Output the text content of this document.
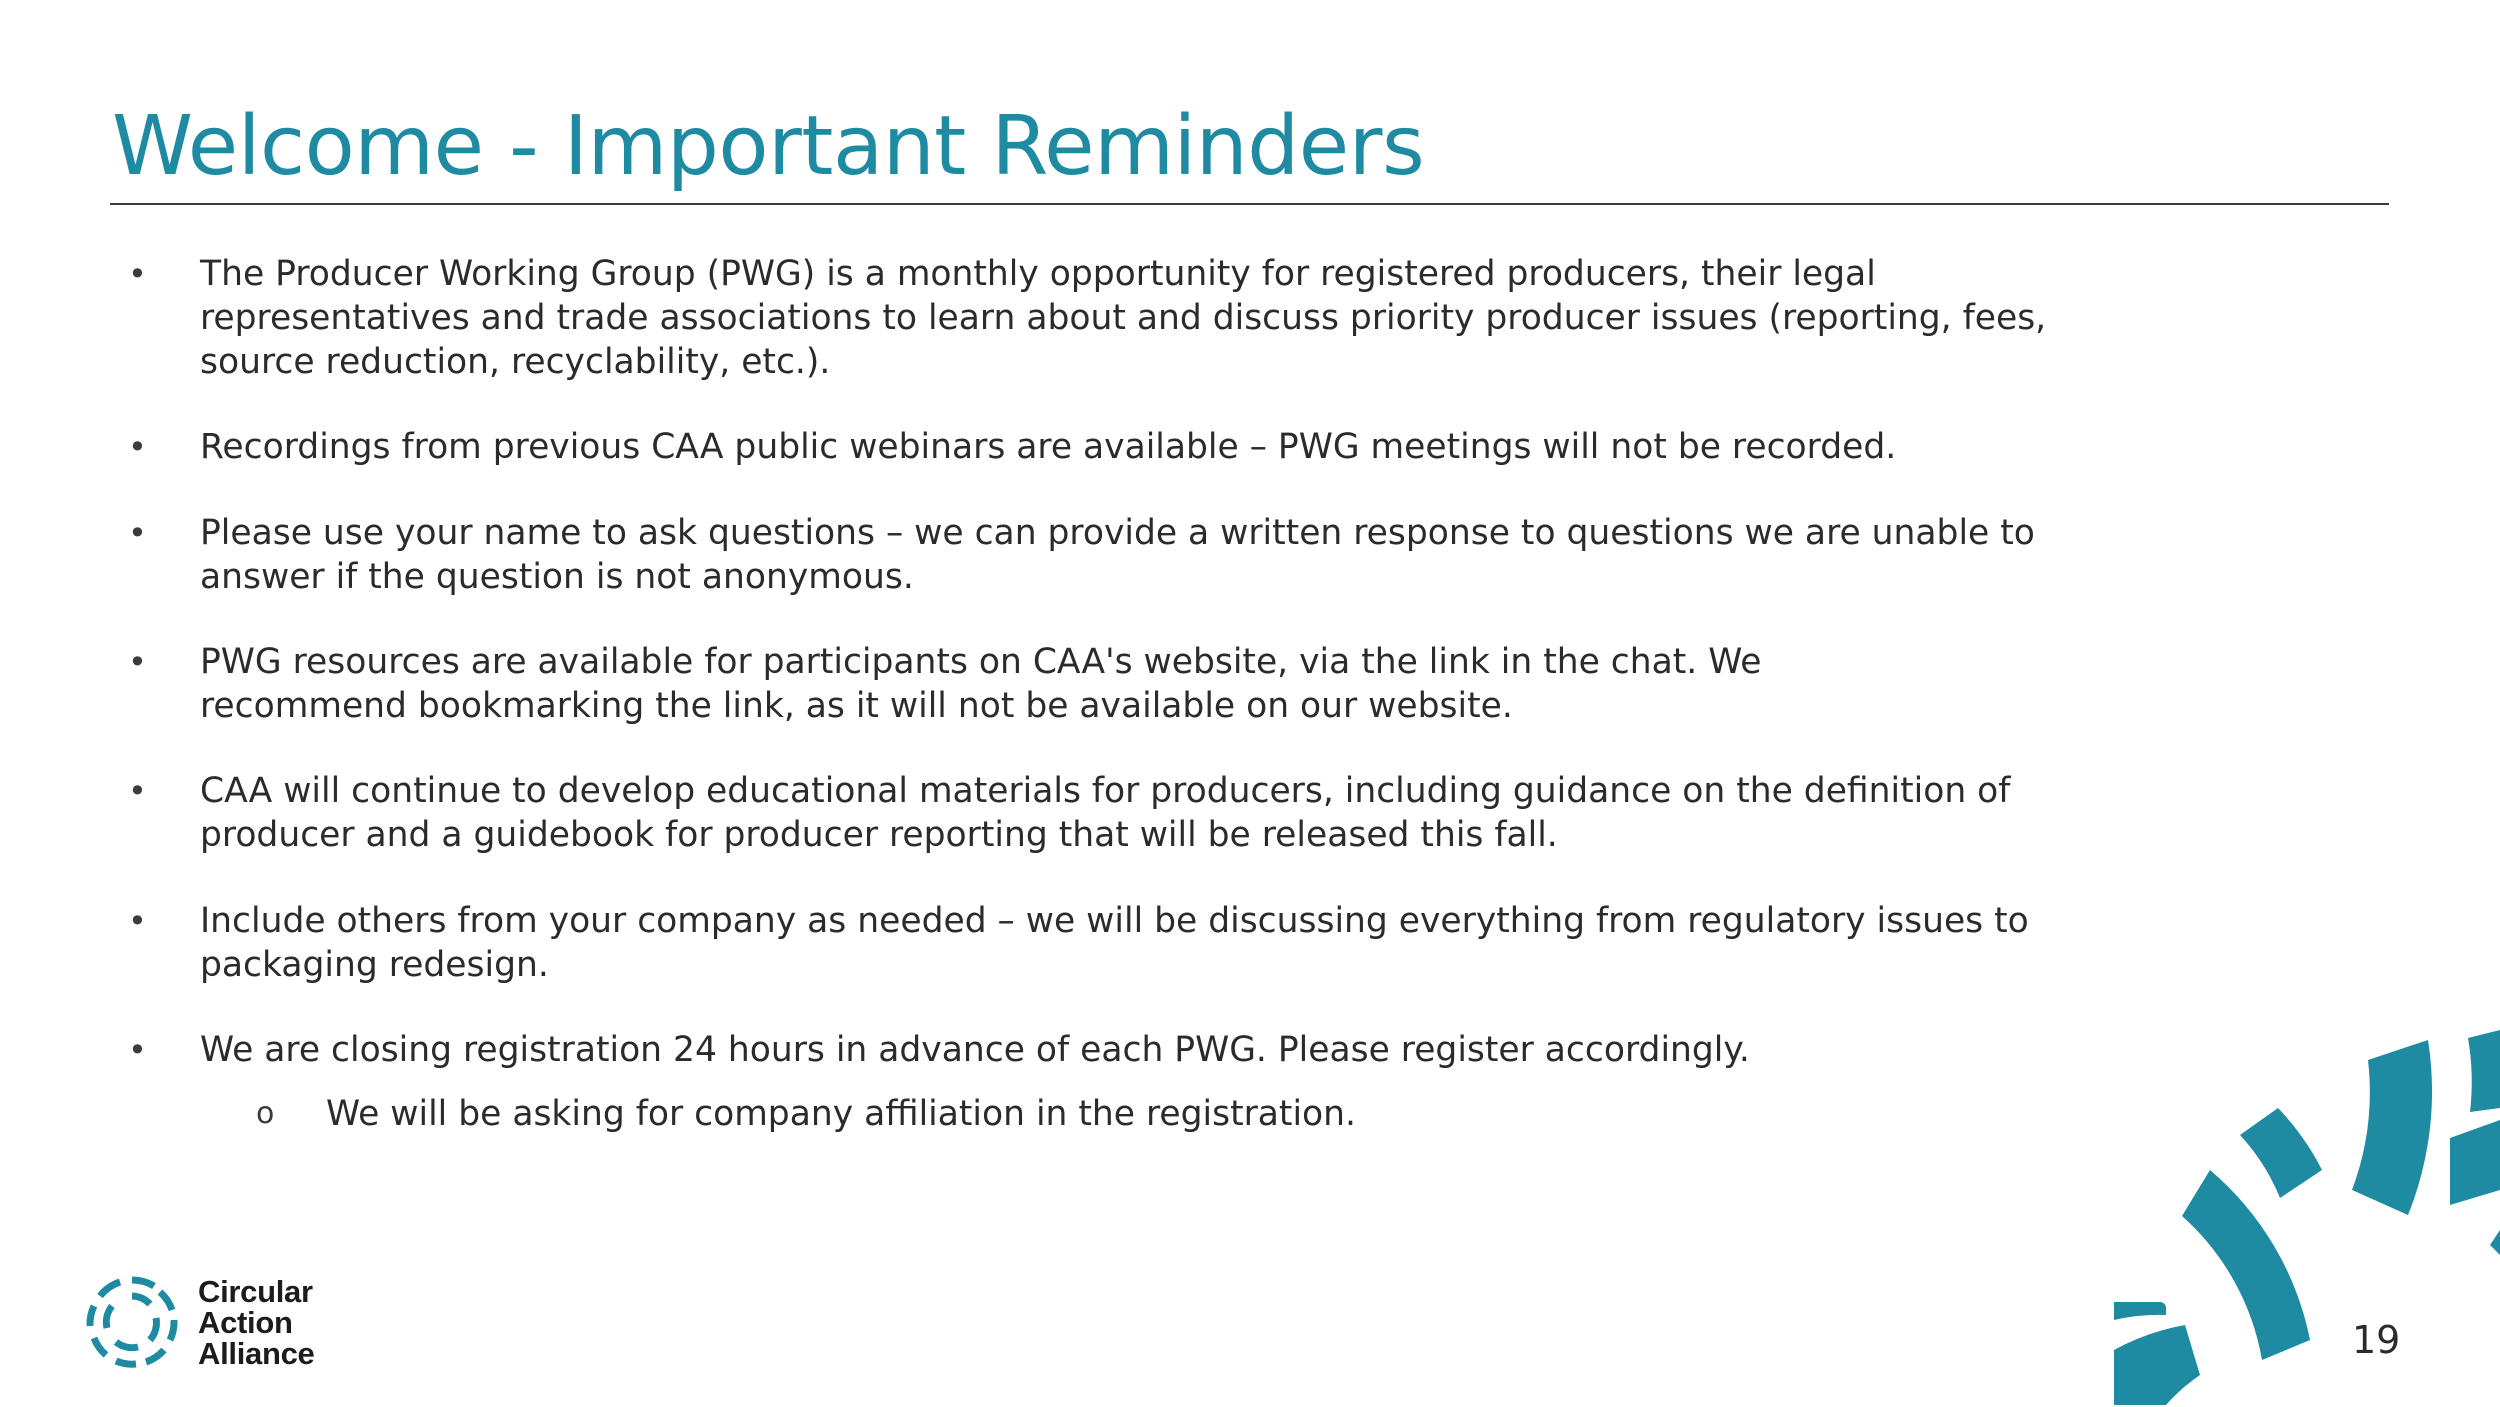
Welcome - Important Reminders
• The Producer Working Group (PWG) is a monthly opportunity for registered producers, their legal
representatives and trade associations to learn about and discuss priority producer issues (reporting, fees,
source reduction, recyclability, etc.).
• Recordings from previous CAA public webinars are available – PWG meetings will not be recorded.
• Please use your name to ask questions – we can provide a written response to questions we are unable to
answer if the question is not anonymous.
• PWG resources are available for participants on CAA's website, via the link in the chat. We
recommend bookmarking the link, as it will not be available on our website.
• CAA will continue to develop educational materials for producers, including guidance on the definition of
producer and a guidebook for producer reporting that will be released this fall.
• Include others from your company as needed – we will be discussing everything from regulatory issues to
packaging redesign.
• We are closing registration 24 hours in advance of each PWG. Please register accordingly.
o We will be asking for company affiliation in the registration.
Circular
Action
Alliance	19
